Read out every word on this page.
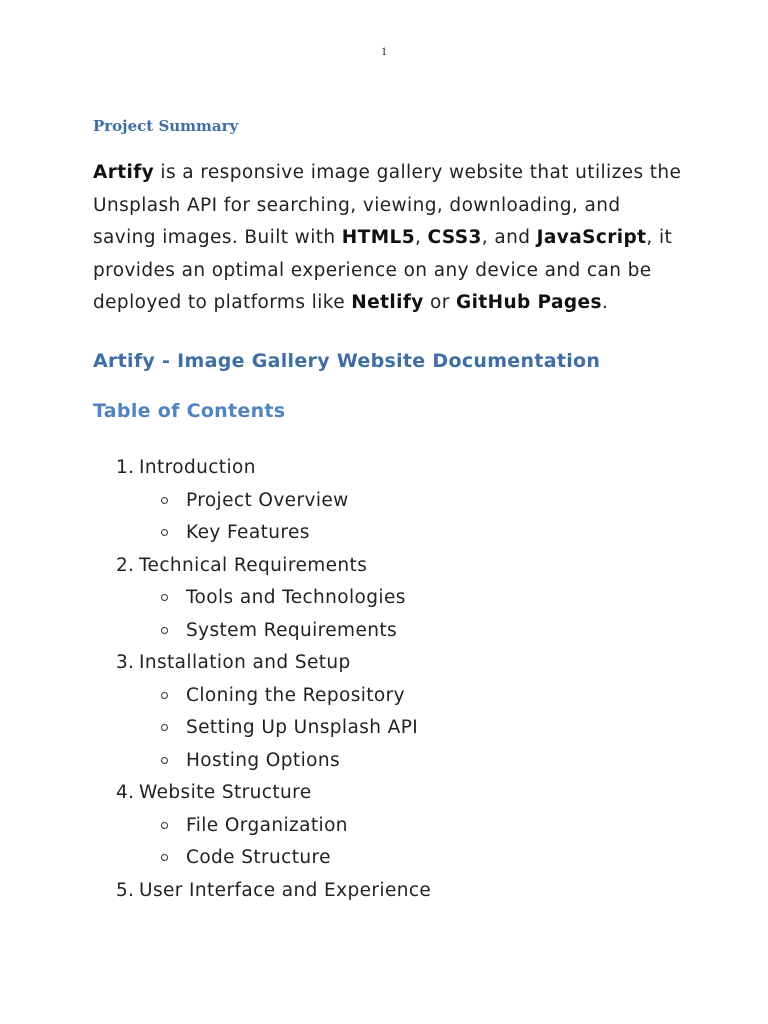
1
Project Summary
Artify is a responsive image gallery website that utilizes the Unsplash API for searching, viewing, downloading, and saving images. Built with HTML5, CSS3, and JavaScript, it provides an optimal experience on any device and can be deployed to platforms like Netlify or GitHub Pages.
Artify - Image Gallery Website Documentation
Table of Contents
1. Introduction
Project Overview
Key Features
2. Technical Requirements
Tools and Technologies
System Requirements
3. Installation and Setup
Cloning the Repository
Setting Up Unsplash API
Hosting Options
4. Website Structure
File Organization
Code Structure
5. User Interface and Experience
